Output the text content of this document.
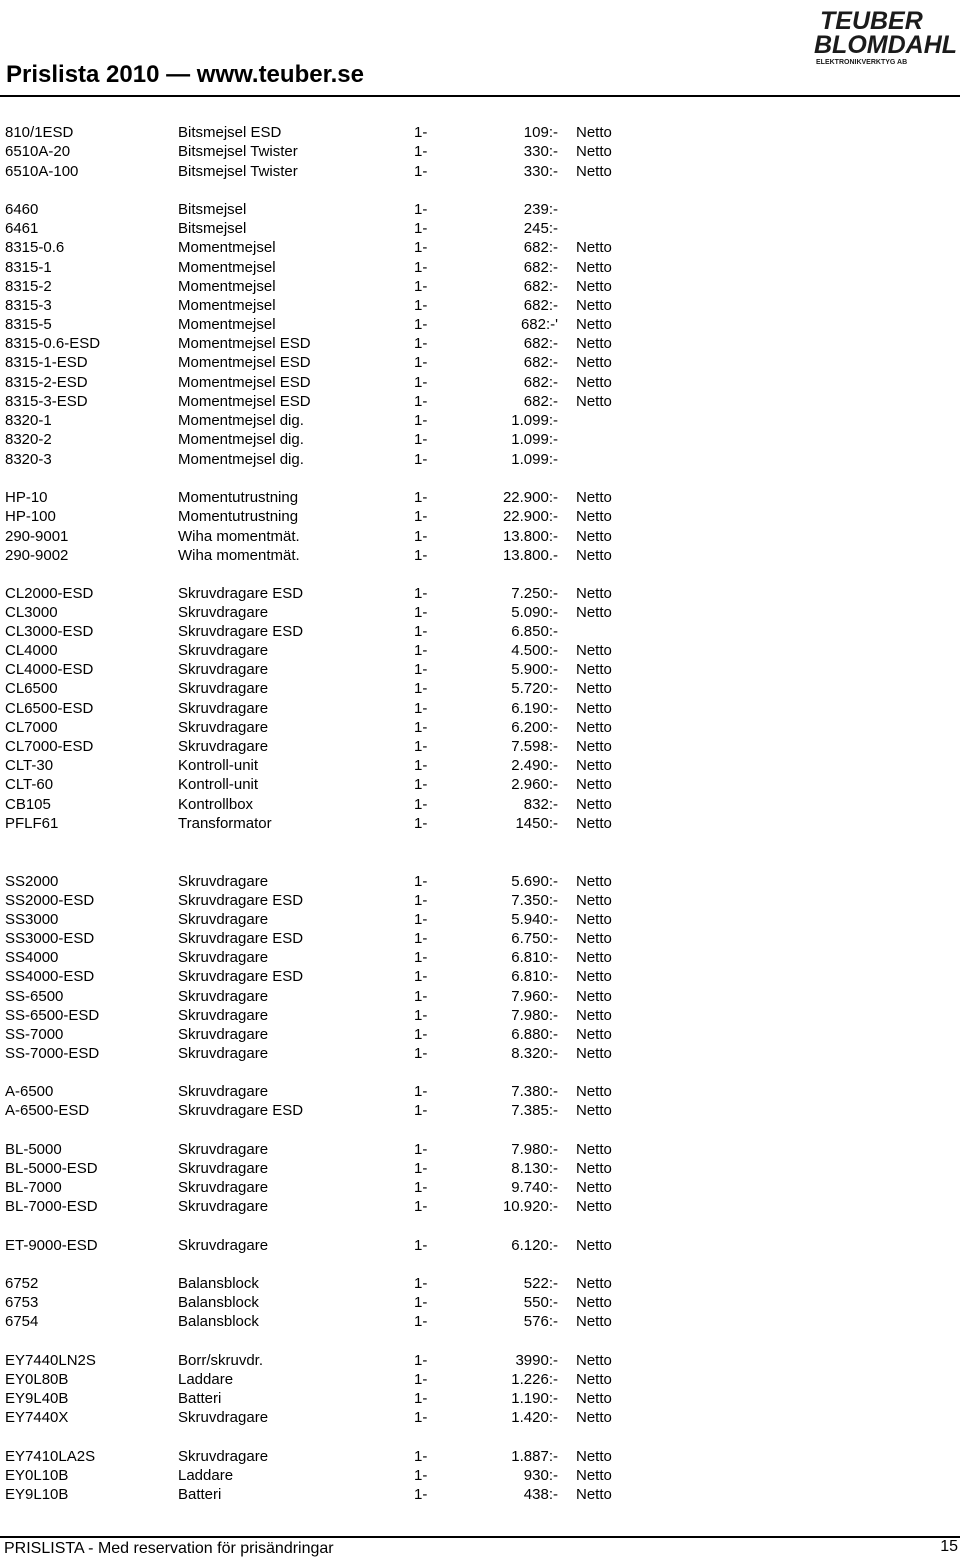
Prislista 2010 — www.teuber.se
TEUBER
BLOMDAHL
ELEKTRONIKVERKTYG AB
810/1ESD	Bitsmejsel ESD	1-	109:- Netto
6510A-20	Bitsmejsel Twister	1-	330:- Netto
6510A-100	Bitsmejsel Twister	1-	330:- Netto
6460	Bitsmejsel	1-	239:-
6461	Bitsmejsel	1-	245:-
8315-0.6	Momentmejsel	1-	682:- Netto
8315-1	Momentmejsel	1-	682:- Netto
8315-2	Momentmejsel	1-	682:- Netto
8315-3	Momentmejsel	1-	682:- Netto
8315-5	Momentmejsel	1-	682:-' Netto
8315-0.6-ESD	Momentmejsel ESD	1-	682:- Netto
8315-1-ESD	Momentmejsel ESD	1-	682:- Netto
8315-2-ESD	Momentmejsel ESD	1-	682:- Netto
8315-3-ESD	Momentmejsel ESD	1-	682:- Netto
8320-1	Momentmejsel dig.	1-	1.099:-
8320-2	Momentmejsel dig.	1-	1.099:-
8320-3	Momentmejsel dig.	1-	1.099:-
HP-10	Momentutrustning	1-	22.900:- Netto
HP-100	Momentutrustning	1-	22.900:- Netto
290-9001	Wiha momentmät.	1-	13.800:- Netto
290-9002	Wiha momentmät.	1-	13.800.- Netto
CL2000-ESD	Skruvdragare ESD	1-	7.250:- Netto
CL3000	Skruvdragare	1-	5.090:- Netto
CL3000-ESD	Skruvdragare ESD	1-	6.850:-
CL4000	Skruvdragare	1-	4.500:- Netto
CL4000-ESD	Skruvdragare	1-	5.900:- Netto
CL6500	Skruvdragare	1-	5.720:- Netto
CL6500-ESD	Skruvdragare	1-	6.190:- Netto
CL7000	Skruvdragare	1-	6.200:- Netto
CL7000-ESD	Skruvdragare	1-	7.598:- Netto
CLT-30	Kontroll-unit	1-	2.490:- Netto
CLT-60	Kontroll-unit	1-	2.960:- Netto
CB105	Kontrollbox	1-	832:- Netto
PFLF61	Transformator	1-	1450:- Netto
SS2000	Skruvdragare	1-	5.690:- Netto
SS2000-ESD	Skruvdragare ESD	1-	7.350:- Netto
SS3000	Skruvdragare	1-	5.940:- Netto
SS3000-ESD	Skruvdragare ESD	1-	6.750:- Netto
SS4000	Skruvdragare	1-	6.810:- Netto
SS4000-ESD	Skruvdragare ESD	1-	6.810:- Netto
SS-6500	Skruvdragare	1-	7.960:- Netto
SS-6500-ESD	Skruvdragare	1-	7.980:- Netto
SS-7000	Skruvdragare	1-	6.880:- Netto
SS-7000-ESD	Skruvdragare	1-	8.320:- Netto
A-6500	Skruvdragare	1-	7.380:- Netto
A-6500-ESD	Skruvdragare ESD	1-	7.385:- Netto
BL-5000	Skruvdragare	1-	7.980:- Netto
BL-5000-ESD	Skruvdragare	1-	8.130:- Netto
BL-7000	Skruvdragare	1-	9.740:- Netto
BL-7000-ESD	Skruvdragare	1-	10.920:- Netto
ET-9000-ESD	Skruvdragare	1-	6.120:- Netto
6752	Balansblock	1-	522:- Netto
6753	Balansblock	1-	550:- Netto
6754	Balansblock	1-	576:- Netto
EY7440LN2S	Borr/skruvdr.	1-	3990:- Netto
EY0L80B	Laddare	1-	1.226:- Netto
EY9L40B	Batteri	1-	1.190:- Netto
EY7440X	Skruvdragare	1-	1.420:- Netto
EY7410LA2S	Skruvdragare	1-	1.887:- Netto
EY0L10B	Laddare	1-	930:- Netto
EY9L10B	Batteri	1-	438:- Netto
PRISLISTA - Med reservation för prisändringar	15
